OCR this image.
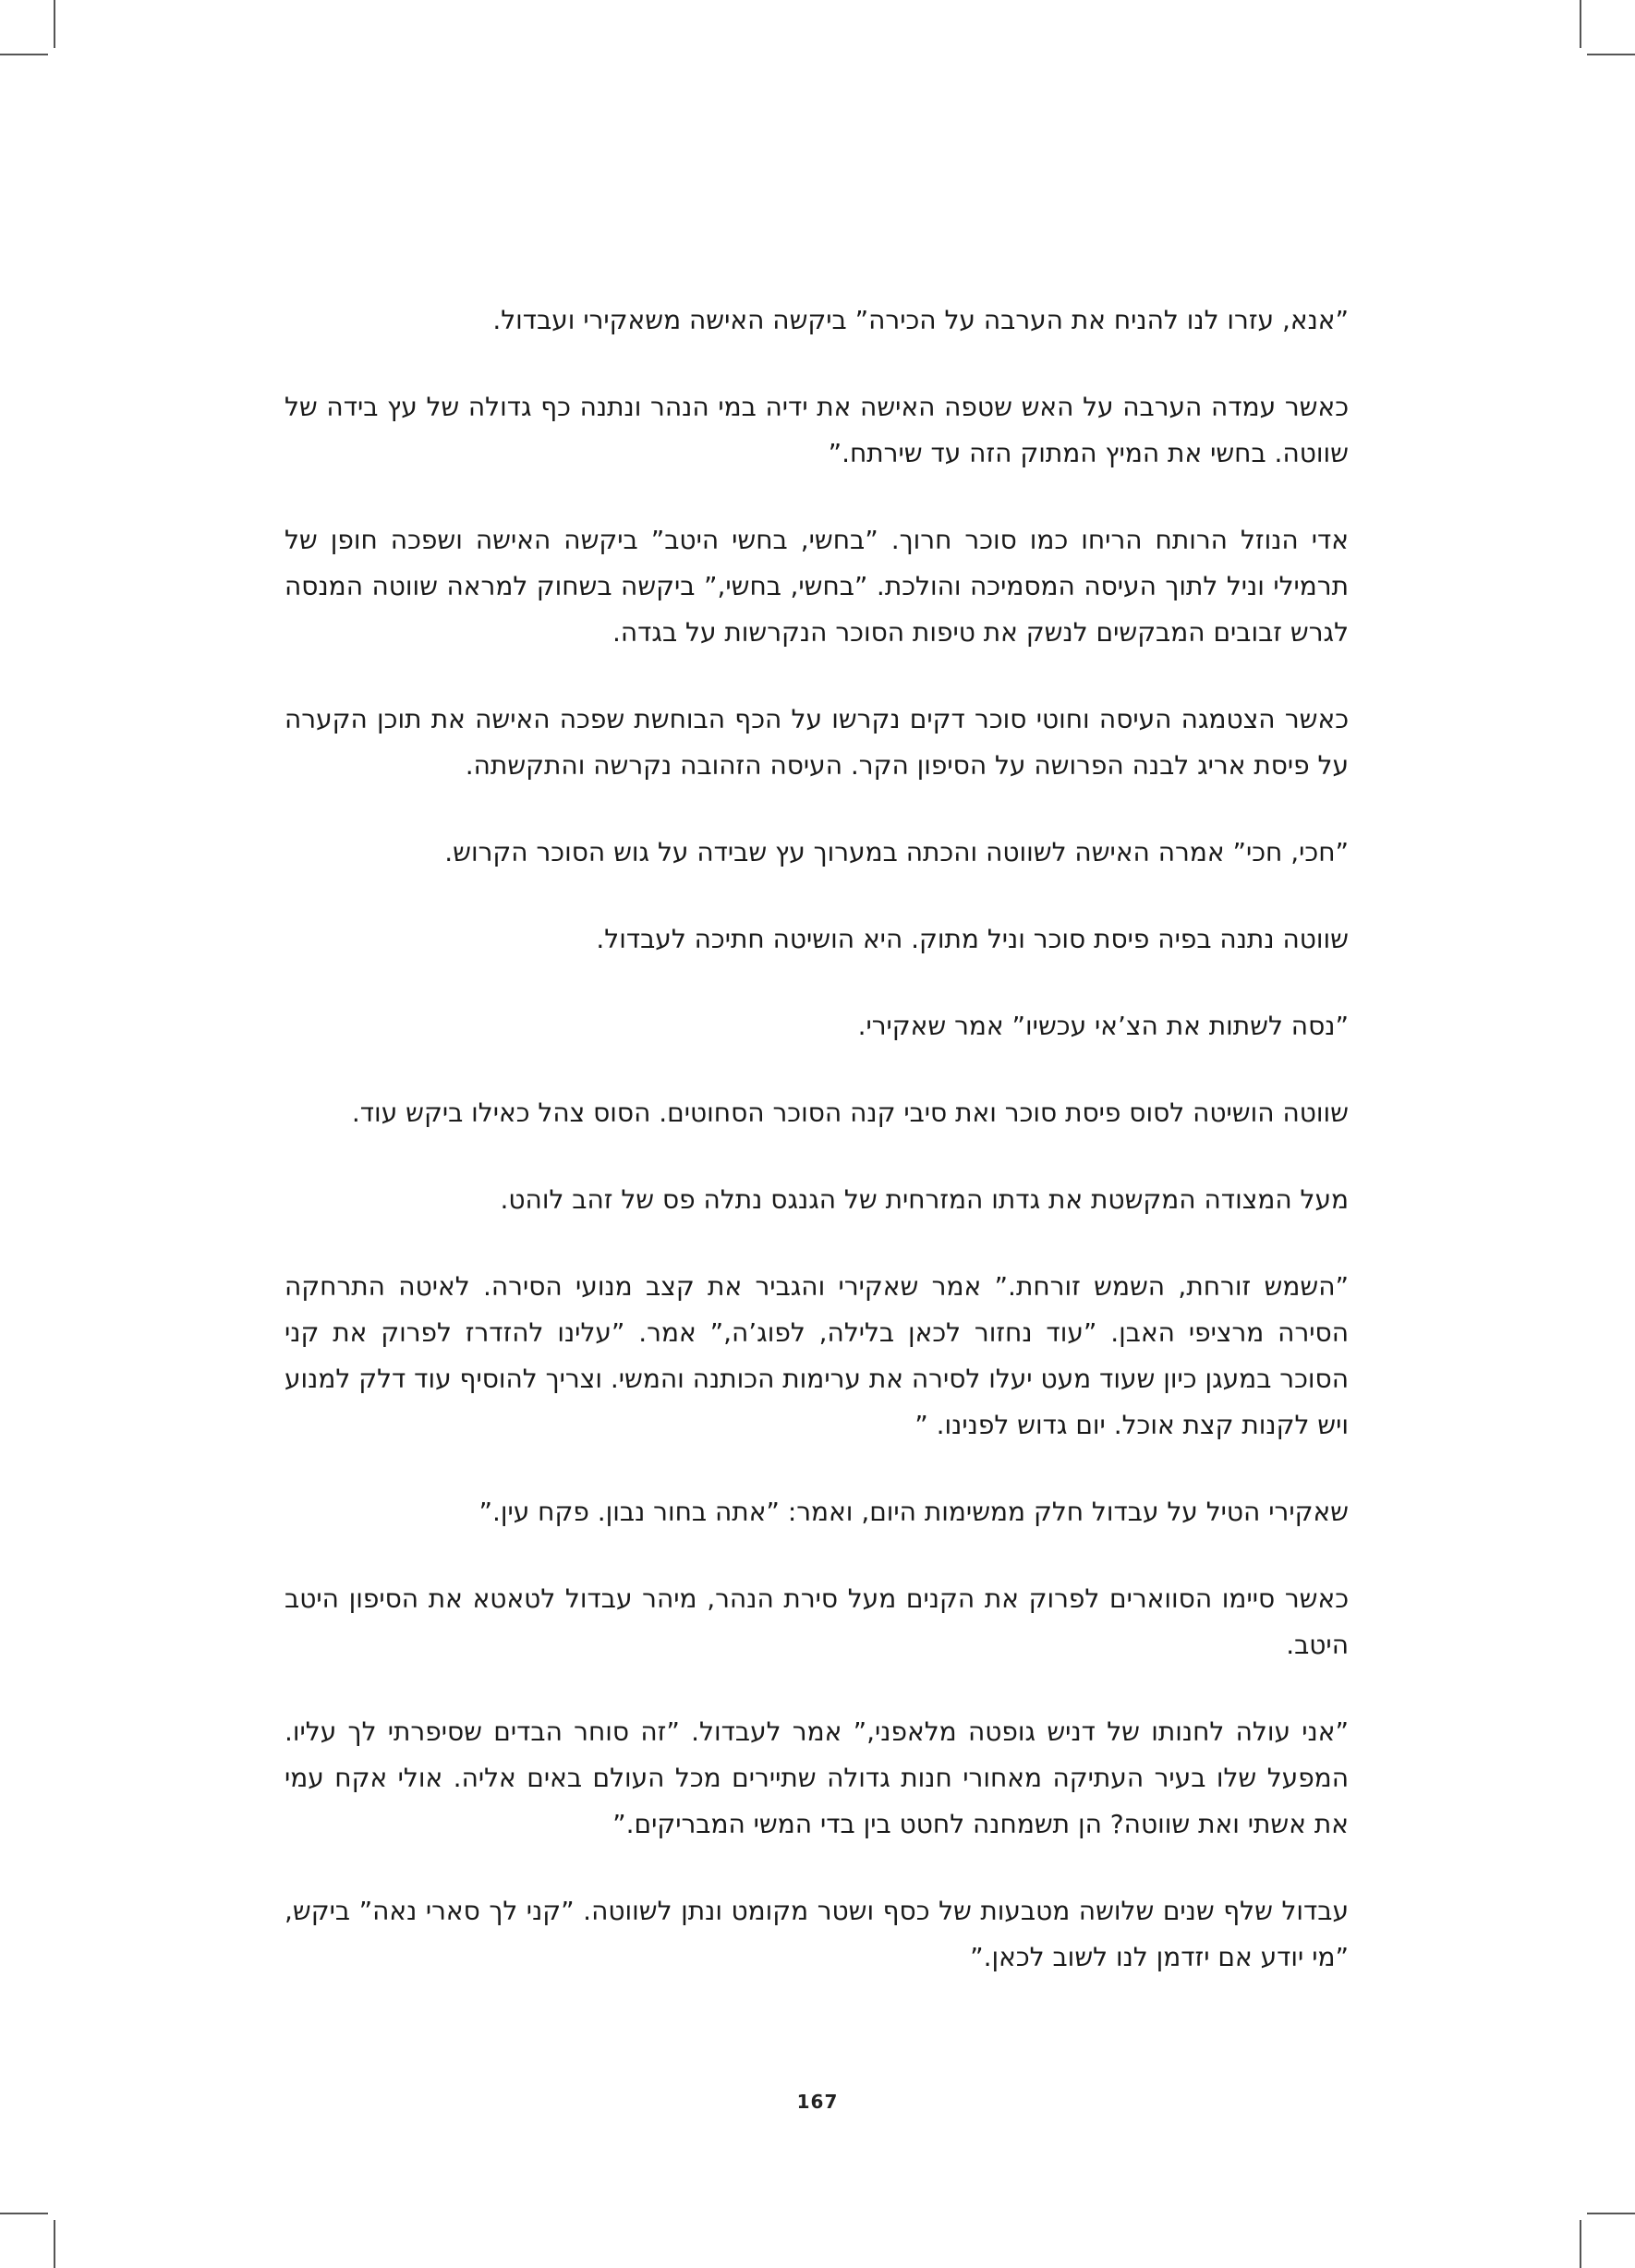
”אנא, עזרו לנו להניח את הערבה על הכירה” ביקשה האישה משאקירי ועבדול.

כאשר עמדה הערבה על האש שטפה האישה את ידיה במי הנהר ונתנה כף גדולה של עץ בידה של שווטה. בחשי את המיץ המתוק הזה עד שירתח.”

אדי הנוזל הרותח הריחו כמו סוכר חרוך. ”בחשי, בחשי היטב” ביקשה האישה ושפכה חופן של תרמילי וניל לתוך העיסה המסמיכה והולכת. ”בחשי, בחשי,” ביקשה בשחוק למראה שווטה המנסה לגרש זבובים המבקשים לנשק את טיפות הסוכר הנקרשות על בגדה.

כאשר הצטמגה העיסה וחוטי סוכר דקים נקרשו על הכף הבוחשת שפכה האישה את תוכן הקערה על פיסת אריג לבנה הפרושה על הסיפון הקר. העיסה הזהובה נקרשה והתקשתה.

”חכי, חכי” אמרה האישה לשווטה והכתה במערוך עץ שבידה על גוש הסוכר הקרוש.

שווטה נתנה בפיה פיסת סוכר וניל מתוק. היא הושיטה חתיכה לעבדול.

”נסה לשתות את הצ’אי עכשיו” אמר שאקירי.

שווטה הושיטה לסוס פיסת סוכר ואת סיבי קנה הסוכר הסחוטים. הסוס צהל כאילו ביקש עוד.

מעל המצודה המקשטת את גדתו המזרחית של הגנגס נתלה פס של זהב לוהט.

”השמש זורחת, השמש זורחת.” אמר שאקירי והגביר את קצב מנועי הסירה. לאיטה התרחקה הסירה מרציפי האבן. ”עוד נחזור לכאן בלילה, לפוג’ה,” אמר. ”עלינו להזדרז לפרוק את קני הסוכר במעגן כיון שעוד מעט יעלו לסירה את ערימות הכותנה והמשי. וצריך להוסיף עוד דלק למנוע ויש לקנות קצת אוכל. יום גדוש לפנינו. ”

שאקירי הטיל על עבדול חלק ממשימות היום, ואמר: ”אתה בחור נבון. פקח עין.”

כאשר סיימו הסווארים לפרוק את הקנים מעל סירת הנהר, מיהר עבדול לטאטא את הסיפון היטב היטב.

”אני עולה לחנותו של דניש גופטה מלאפני,” אמר לעבדול. ”זה סוחר הבדים שסיפרתי לך עליו. המפעל שלו בעיר העתיקה מאחורי חנות גדולה שתיירים מכל העולם באים אליה. אולי אקח עמי את אשתי ואת שווטה? הן תשמחנה לחטט בין בדי המשי המבריקים.”

עבדול שלף שנים שלושה מטבעות של כסף ושטר מקומט ונתן לשווטה. ”קני לך סארי נאה” ביקש, ”מי יודע אם יזדמן לנו לשוב לכאן.”

167
